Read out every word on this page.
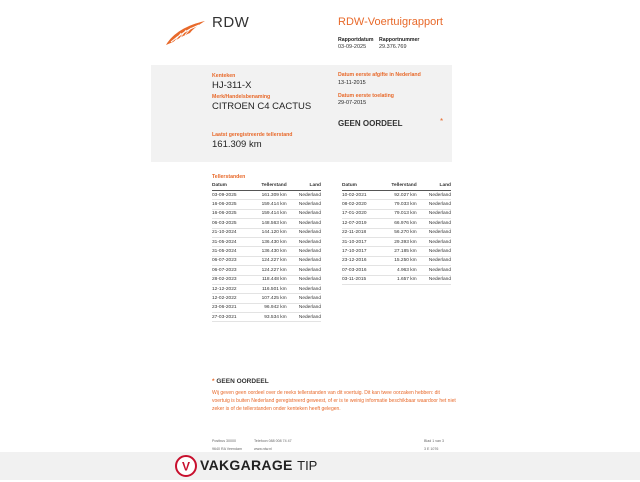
RDW	RDW-Voertuigrapport
Rapportdatum
03-09-2025
Rapportnummer
29.376.769
Kenteken
HJ-311-X
Merk/Handelsbenaming
CITROEN C4 CACTUS
Laatst geregistreerde tellerstand
161.309 km
Datum eerste afgifte in Nederland
13-11-2015
Datum eerste toelating
29-07-2015
GEEN OORDEEL	*
Tellerstanden
Datum	Tellerstand	Land
03-09-2025	161.309 km	Nederland
16-06-2025	159.414 km	Nederland
16-06-2025	159.414 km	Nederland
06-03-2025	148.563 km	Nederland
21-10-2024	144.120 km	Nederland
31-05-2024	136.430 km	Nederland
31-05-2024	136.430 km	Nederland
06-07-2023	124.227 km	Nederland
06-07-2023	124.227 km	Nederland
28-02-2023	118.448 km	Nederland
12-12-2022	116.501 km	Nederland
12-02-2022	107.425 km	Nederland
23-06-2021	96.942 km	Nederland
27-03-2021	93.534 km	Nederland
Datum	Tellerstand	Land
10-02-2021	92.027 km	Nederland
08-02-2020	79.033 km	Nederland
17-01-2020	79.013 km	Nederland
12-07-2019	66.976 km	Nederland
22-11-2018	56.270 km	Nederland
31-10-2017	29.393 km	Nederland
17-10-2017	27.185 km	Nederland
23-12-2016	15.250 km	Nederland
07-03-2016	4.963 km	Nederland
03-11-2015	1.657 km	Nederland
* GEEN OORDEEL
Wij geven geen oordeel over de reeks tellerstanden van dit voertuig. Dit kan twee oorzaken hebben: dit voertuig is buiten Nederland geregistreerd geweest, of er is te weinig informatie beschikbaar waardoor het niet zeker is of de tellerstanden onder kenteken heeft gelegen.
Postbus 30000
9640 RA Veendam
Telefoon 088 008 74 47
www.rdw.nl
Blad 1 van 3
3 E 1076
V VAKGARAGE TIP
